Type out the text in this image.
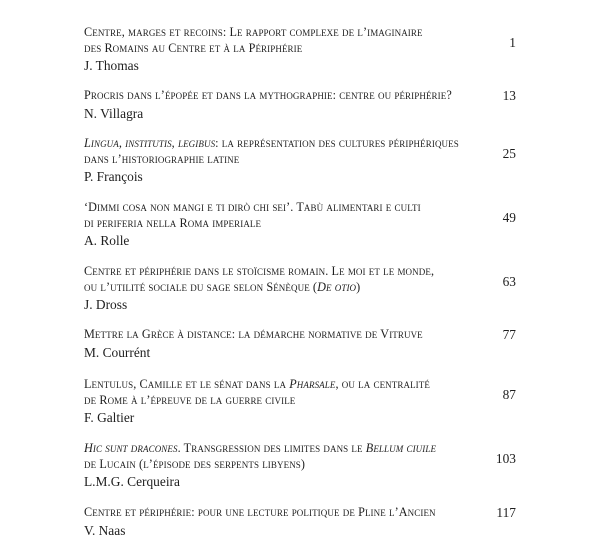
Centre, marges et recoins: Le rapport complexe de l’imaginaire
des Romains au Centre et à la Périphérie
J. Thomas
1
Procris dans l’épopée et dans la mythographie: centre ou périphérie?
N. Villagra
13
Lingua, institutis, legibus: la représentation des cultures périphériques
dans l’historiographie latine
P. François
25
‘Dimmi cosa non mangi e ti dirò chi sei’. Tabù alimentari e culti
di periferia nella Roma imperiale
A. Rolle
49
Centre et périphérie dans le stoïcisme romain. Le moi et le monde,
ou l’utilité sociale du sage selon Sénèque (De otio)
J. Dross
63
Mettre la Grèce à distance: la démarche normative de Vitruve
M. Courrént
77
Lentulus, Camille et le sénat dans la Pharsale, ou la centralité
de Rome à l’épreuve de la guerre civile
F. Galtier
87
Hic sunt dracones. Transgression des limites dans le Bellum ciuile
de Lucain (l’épisode des serpents libyens)
L.M.G. Cerqueira
103
Centre et périphérie: pour une lecture politique de Pline l’Ancien
V. Naas
117
